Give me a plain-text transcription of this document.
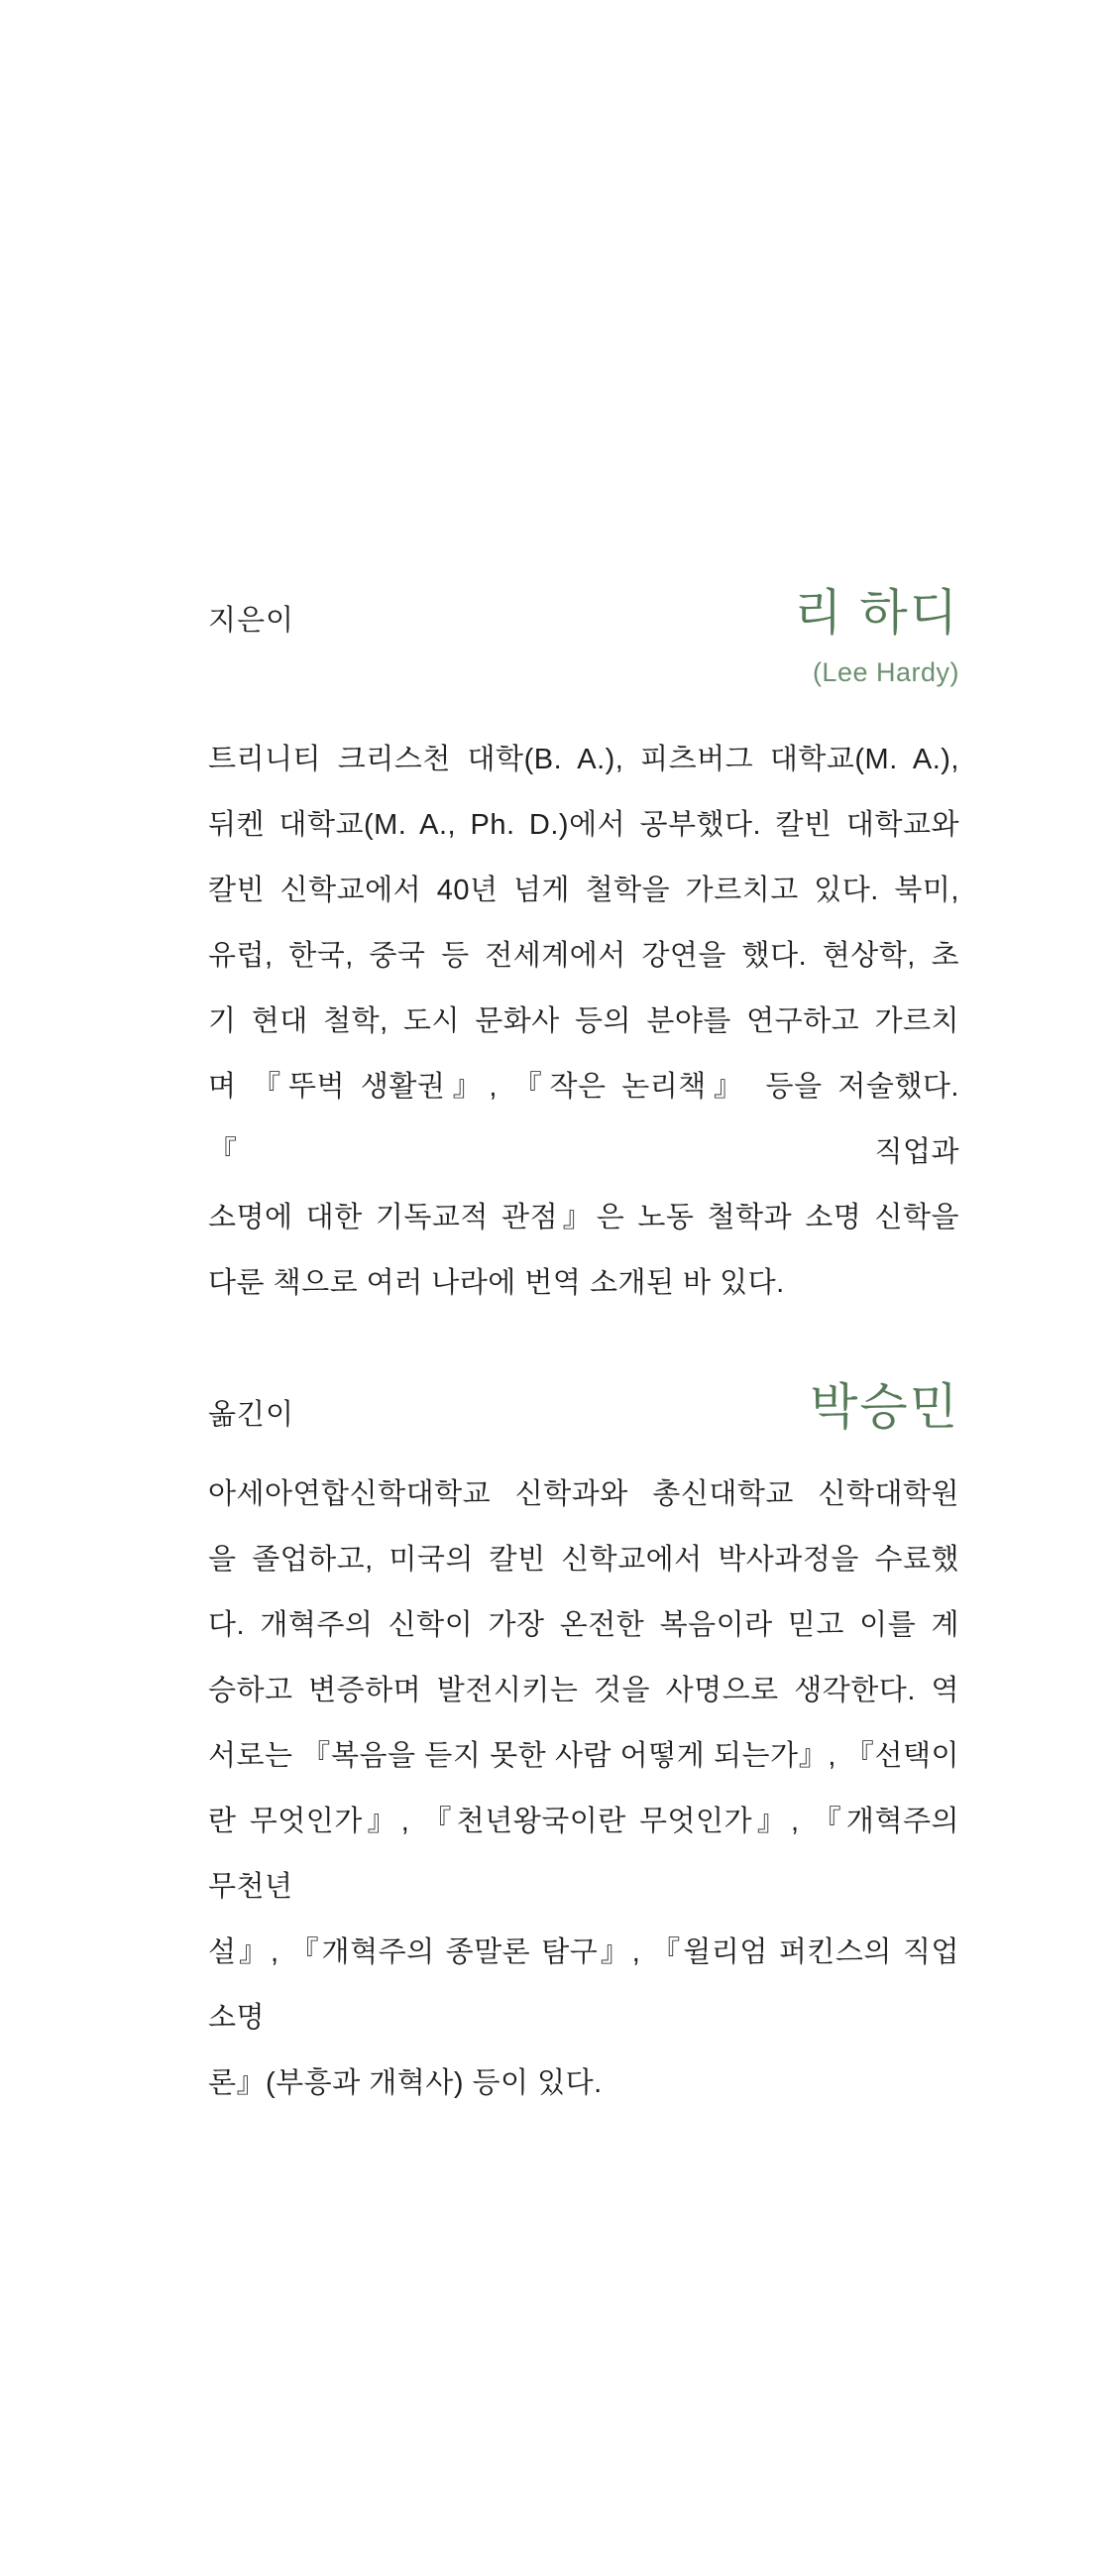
지은이	리 하디
(Lee Hardy)
트리니티 크리스천 대학(B. A.), 피츠버그 대학교(M. A.),
뒤켄 대학교(M. A., Ph. D.)에서 공부했다. 칼빈 대학교와
칼빈 신학교에서 40년 넘게 철학을 가르치고 있다. 북미,
유럽, 한국, 중국 등 전세계에서 강연을 했다. 현상학, 초
기 현대 철학, 도시 문화사 등의 분야를 연구하고 가르치
며 『뚜벅 생활권』, 『작은 논리책』 등을 저술했다. 『직업과
소명에 대한 기독교적 관점』은 노동 철학과 소명 신학을
다룬 책으로 여러 나라에 번역 소개된 바 있다.
옮긴이	박승민
아세아연합신학대학교 신학과와 총신대학교 신학대학원
을 졸업하고, 미국의 칼빈 신학교에서 박사과정을 수료했
다. 개혁주의 신학이 가장 온전한 복음이라 믿고 이를 계
승하고 변증하며 발전시키는 것을 사명으로 생각한다. 역
서로는 『복음을 듣지 못한 사람 어떻게 되는가』, 『선택이
란 무엇인가』, 『천년왕국이란 무엇인가』, 『개혁주의 무천년
설』, 『개혁주의 종말론 탐구』, 『윌리엄 퍼킨스의 직업 소명
론』(부흥과 개혁사) 등이 있다.
